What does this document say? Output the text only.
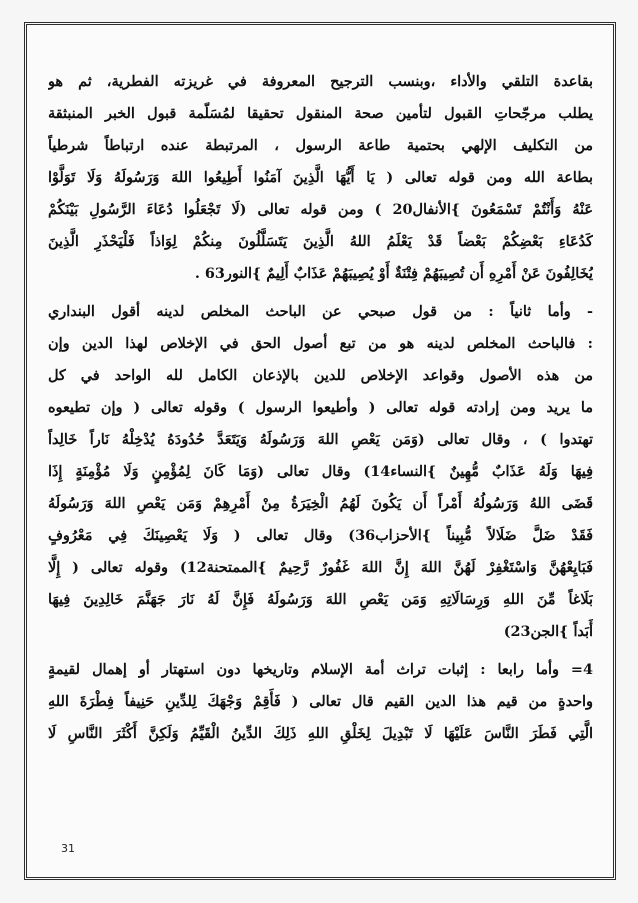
بقاعدة التلقي والأداء ،وبنسب الترجيح المعروفة في غريزته الفطرية، ثم هو
يطلب مرجّحاتِ القبول لتأمين صحة المنقول تحقيقا لمُسَلّمة قبول الخبر المنبثقة
من التكليف الإلهي بحتمية طاعة الرسول ، المرتبطة عنده ارتباطاً شرطياً
بطاعة الله ومن قوله تعالى ( يَا أَيُّهَا الَّذِينَ آمَنُوا أَطِيعُوا اللهَ وَرَسُولَهُ وَلَا تَوَلَّوْا
عَنْهُ وَأَنْتُمْ تَسْمَعُونَ }الأنفال20 ) ومن قوله تعالى (لَا تَجْعَلُوا دُعَاءَ الرَّسُولِ بَيْنَكُمْ
كَدُعَاءِ بَعْضِكُمْ بَعْضاً قَدْ يَعْلَمُ اللهُ الَّذِينَ يَتَسَلَّلُونَ مِنكُمْ لِوَاذاً فَلْيَحْذَرِ الَّذِينَ
يُخَالِفُونَ عَنْ أَمْرِهِ أَن تُصِيبَهُمْ فِتْنَةٌ أَوْ يُصِيبَهُمْ عَذَابٌ أَلِيمٌ }النور63 .
- وأما ثانياً : من قول صبحي عن الباحث المخلص لدينه أقول البنداري
: فالباحث المخلص لدينه هو من تبع أصول الحق في الإخلاص لهذا الدين وإن
من هذه الأصول وقواعد الإخلاص للدين بالإذعان الكامل لله الواحد في كل
ما يريد ومن إرادته قوله تعالى ( وأطيعوا الرسول ) وقوله تعالى ( وإن تطيعوه
تهتدوا ) ، وقال تعالى (وَمَن يَعْصِ اللهَ وَرَسُولَهُ وَيَتَعَدَّ حُدُودَهُ يُدْخِلْهُ نَاراً خَالِداً
فِيهَا وَلَهُ عَذَابٌ مُّهِينٌ }النساء14) وقال تعالى (وَمَا كَانَ لِمُؤْمِنٍ وَلَا مُؤْمِنَةٍ إِذَا
قَضَى اللهُ وَرَسُولُهُ أَمْراً أَن يَكُونَ لَهُمُ الْخِيَرَةُ مِنْ أَمْرِهِمْ وَمَن يَعْصِ اللهَ وَرَسُولَهُ
فَقَدْ ضَلَّ ضَلَالاً مُّبِيناً }الأحزاب36) وقال تعالى ( وَلَا يَعْصِينَكَ فِي مَعْرُوفٍ
فَبَايِعْهُنَّ وَاسْتَغْفِرْ لَهُنَّ اللهَ إِنَّ اللهَ غَفُورٌ رَّحِيمٌ }الممتحنة12) وقوله تعالى ( إِلَّا
بَلَاغاً مِّنَ اللهِ وَرِسَالَاتِهِ وَمَن يَعْصِ اللهَ وَرَسُولَهُ فَإِنَّ لَهُ نَارَ جَهَنَّمَ خَالِدِينَ فِيهَا
أَبَداً }الجن23)
4= وأما رابعا : إثبات تراث أمة الإسلام وتاريخها دون استهتار أو إهمال لقيمةٍ
واحدةٍ من قيم هذا الدين القيم قال تعالى ( فَأَقِمْ وَجْهَكَ لِلدِّينِ حَنِيفاً فِطْرَةَ اللهِ
الَّتِي فَطَرَ النَّاسَ عَلَيْهَا لَا تَبْدِيلَ لِخَلْقِ اللهِ ذَلِكَ الدِّينُ الْقَيِّمُ وَلَكِنَّ أَكْثَرَ النَّاسِ لَا
31
